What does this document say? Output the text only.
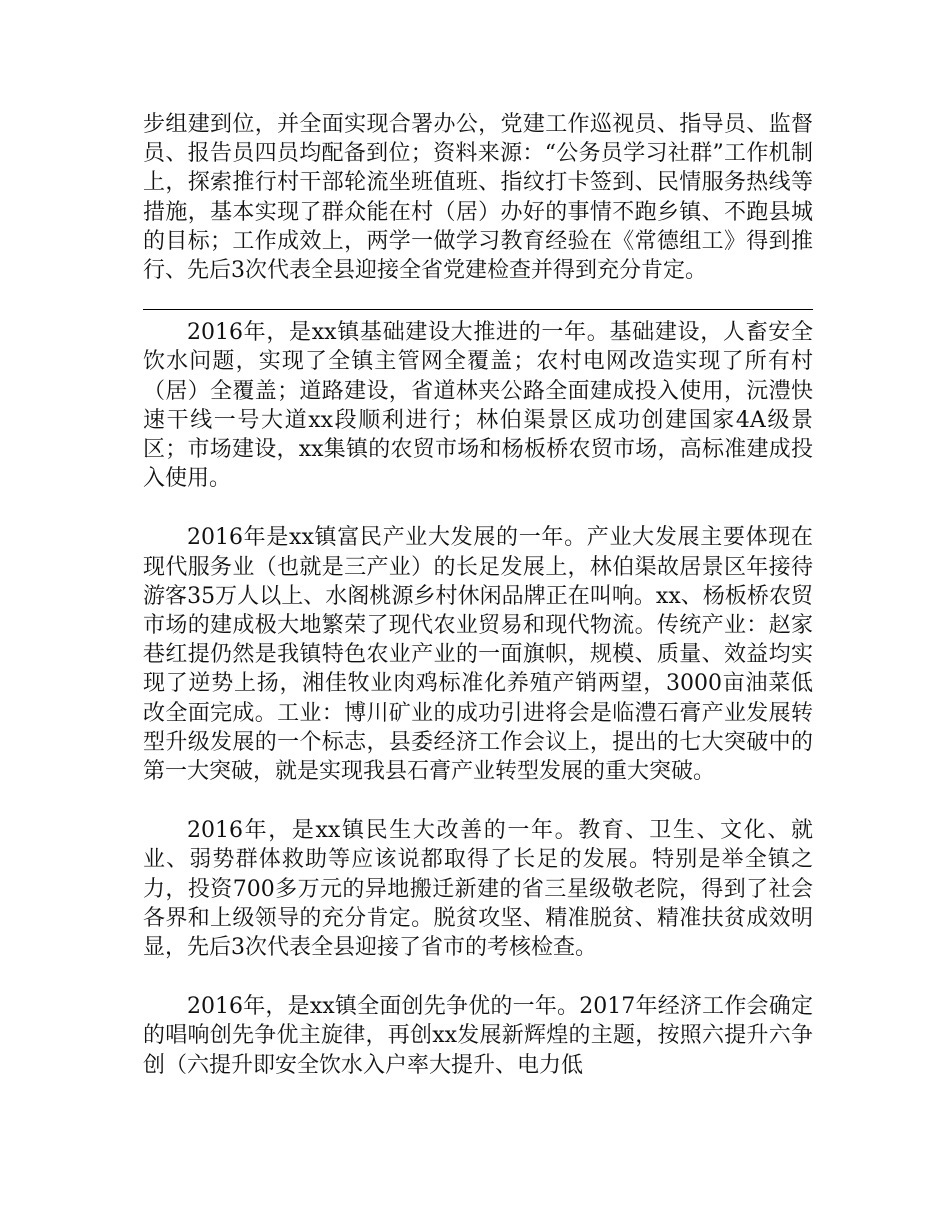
步组建到位，并全面实现合署办公，党建工作巡视员、指导员、监督员、报告员四员均配备到位；资料来源：“公务员学习社群”工作机制上，探索推行村干部轮流坐班值班、指纹打卡签到、民情服务热线等措施，基本实现了群众能在村（居）办好的事情不跑乡镇、不跑县城的目标；工作成效上，两学一做学习教育经验在《常德组工》得到推行、先后3次代表全县迎接全省党建检查并得到充分肯定。

2016年，是xx镇基础建设大推进的一年。基础建设，人畜安全饮水问题，实现了全镇主管网全覆盖；农村电网改造实现了所有村（居）全覆盖；道路建设，省道林夹公路全面建成投入使用，沅澧快速干线一号大道xx段顺利进行；林伯渠景区成功创建国家4A级景区；市场建设，xx集镇的农贸市场和杨板桥农贸市场，高标准建成投入使用。

2016年是xx镇富民产业大发展的一年。产业大发展主要体现在现代服务业（也就是三产业）的长足发展上，林伯渠故居景区年接待游客35万人以上、水阁桃源乡村休闲品牌正在叫响。xx、杨板桥农贸市场的建成极大地繁荣了现代农业贸易和现代物流。传统产业：赵家巷红提仍然是我镇特色农业产业的一面旗帜，规模、质量、效益均实现了逆势上扬，湘佳牧业肉鸡标准化养殖产销两望，3000亩油菜低改全面完成。工业：博川矿业的成功引进将会是临澧石膏产业发展转型升级发展的一个标志，县委经济工作会议上，提出的七大突破中的第一大突破，就是实现我县石膏产业转型发展的重大突破。

2016年，是xx镇民生大改善的一年。教育、卫生、文化、就业、弱势群体救助等应该说都取得了长足的发展。特别是举全镇之力，投资700多万元的异地搬迁新建的省三星级敬老院，得到了社会各界和上级领导的充分肯定。脱贫攻坚、精准脱贫、精准扶贫成效明显，先后3次代表全县迎接了省市的考核检查。

2016年，是xx镇全面创先争优的一年。2017年经济工作会确定的唱响创先争优主旋律，再创xx发展新辉煌的主题，按照六提升六争创（六提升即安全饮水入户率大提升、电力低
